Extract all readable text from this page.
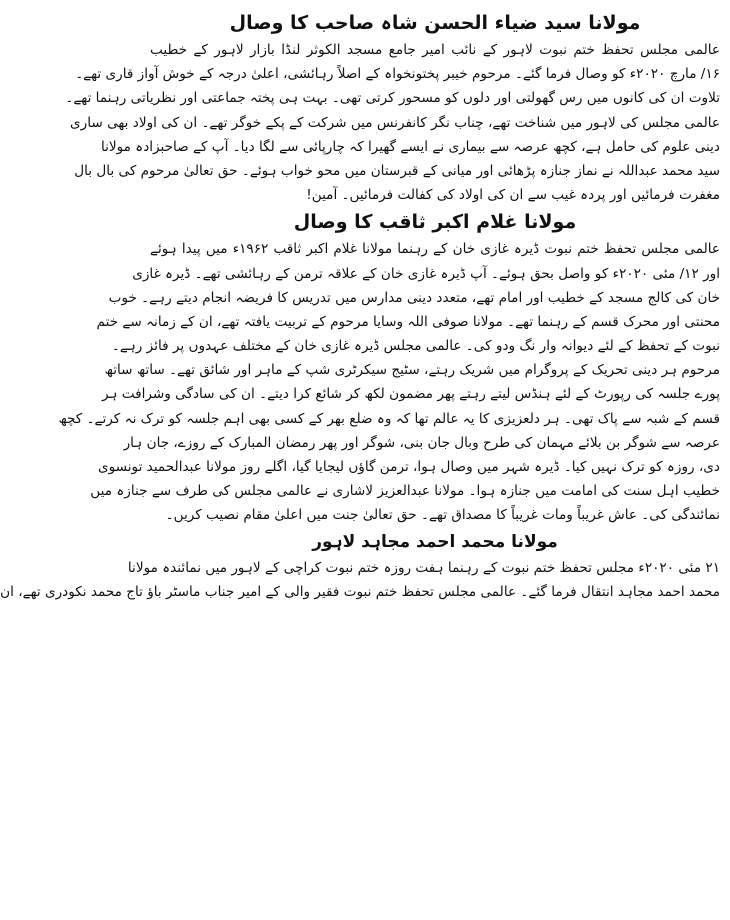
مولانا سید ضیاء الحسن شاہ صاحب کا وصال
عالمی مجلس تحفظ ختم نبوت لاہور کے نائب امیر جامع مسجد الکوثر لنڈا بازار لاہور کے خطیب
۱۶/ مارچ ۲۰۲۰ء کو وصال فرما گئے۔ مرحوم خیبر پختونخواہ کے اصلاً رہائشی، اعلیٰ درجہ کے خوش آواز قاری تھے۔
تلاوت ان کی کانوں میں رس گھولتی اور دلوں کو مسحور کرتی تھی۔ بہت ہی پختہ جماعتی اور نظریاتی رہنما تھے۔
عالمی مجلس کی لاہور میں شناخت تھے، چناب نگر کانفرنس میں شرکت کے پکے خوگر تھے۔ ان کی اولاد بھی ساری
دینی علوم کی حامل ہے، کچھ عرصہ سے بیماری نے ایسے گھیرا کہ چارپائی سے لگا دیا۔ آپ کے صاحبزادہ مولانا
سید محمد عبداللہ نے نماز جنازہ پڑھائی اور میانی کے قبرستان میں محو خواب ہوئے۔ حق تعالیٰ مرحوم کی بال بال
مغفرت فرمائیں اور پردہ غیب سے ان کی اولاد کی کفالت فرمائیں۔ آمین!
مولانا غلام اکبر ثاقب کا وصال
عالمی مجلس تحفظ ختم نبوت ڈیرہ غازی خان کے رہنما مولانا غلام اکبر ثاقب ۱۹۶۲ء میں پیدا ہوئے
اور ۱۲/ مئی ۲۰۲۰ء کو واصل بحق ہوئے۔ آپ ڈیرہ غازی خان کے علاقہ ترمن کے رہائشی تھے۔ ڈیرہ غازی
خان کی کالج مسجد کے خطیب اور امام تھے، متعدد دینی مدارس میں تدریس کا فریضہ انجام دیتے رہے۔ خوب
محنتی اور محرک قسم کے رہنما تھے۔ مولانا صوفی اللہ وسایا مرحوم کے تربیت یافتہ تھے، ان کے زمانہ سے ختم
نبوت کے تحفظ کے لئے دیوانہ وار نگ ودو کی۔ عالمی مجلس ڈیرہ غازی خان کے مختلف عہدوں پر فائز رہے۔
مرحوم ہر دینی تحریک کے پروگرام میں شریک رہتے، سٹیج سیکرٹری شپ کے ماہر اور شائق تھے۔ ساتھ ساتھ
پورے جلسہ کی رپورٹ کے لئے ہنڈس لیتے رہتے پھر مضمون لکھ کر شائع کرا دیتے۔ ان کی سادگی وشرافت ہر
قسم کے شبہ سے پاک تھی۔ ہر دلعزیزی کا یہ عالم تھا کہ وہ ضلع بھر کے کسی بھی اہم جلسہ کو ترک نہ کرتے۔ کچھ
عرصہ سے شوگر بن بلائے مہمان کی طرح وبال جان بنی، شوگر اور پھر رمضان المبارک کے روزے، جان ہار
دی، روزہ کو ترک نہیں کیا۔ ڈیرہ شہر میں وصال ہوا، ترمن گاؤں لیجایا گیا، اگلے روز مولانا عبدالحمید تونسوی
خطیب اہل سنت کی امامت میں جنازہ ہوا۔ مولانا عبدالعزیز لاشاری نے عالمی مجلس کی طرف سے جنازہ میں
نمائندگی کی۔ عاش غریباً ومات غریباً کا مصداق تھے۔ حق تعالیٰ جنت میں اعلیٰ مقام نصیب کریں۔
مولانا محمد احمد مجاہد لاہور
۲۱ مئی ۲۰۲۰ء مجلس تحفظ ختم نبوت کے رہنما ہفت روزہ ختم نبوت کراچی کے لاہور میں نمائندہ مولانا
محمد احمد مجاہد انتقال فرما گئے۔ عالمی مجلس تحفظ ختم نبوت فقیر والی کے امیر جناب ماسٹر باؤ تاج محمد نکودری تھے، ان
